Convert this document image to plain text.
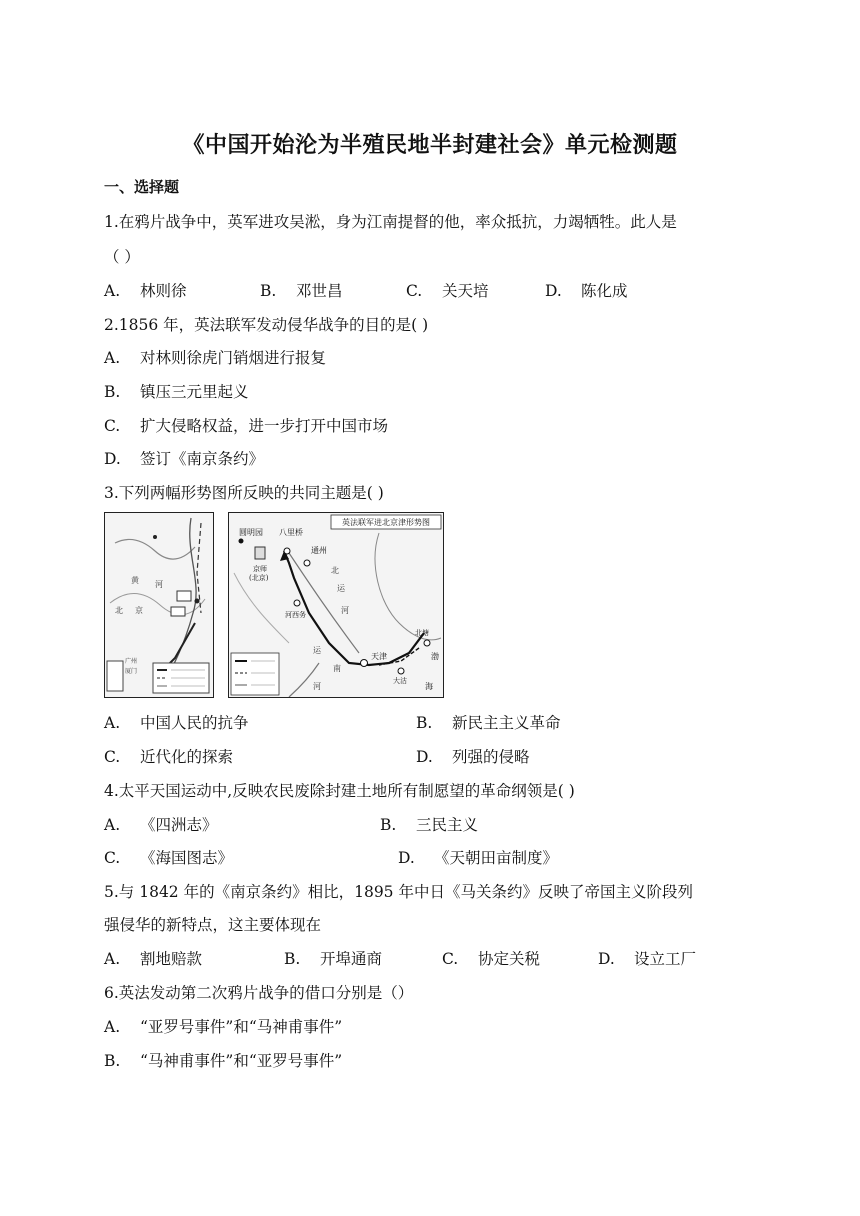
《中国开始沦为半殖民地半封建社会》单元检测题
一、选择题
1.在鸦片战争中，英军进攻吴淞，身为江南提督的他，率众抵抗，力竭牺牲。此人是
（ ）
A. 林则徐	B. 邓世昌	C. 关天培	D. 陈化成
2.1856 年，英法联军发动侵华战争的目的是( )
A. 对林则徐虎门销烟进行报复
B. 镇压三元里起义
C. 扩大侵略权益，进一步打开中国市场
D. 签订《南京条约》
3.下列两幅形势图所反映的共同主题是( )
黄 河
北 京
广州
厦门
英法联军进北京津形势图
圆明园 八里桥
通州
京师
(北京)
河西务
北
运
河
天津
北塘
大沽
南
运
河	海
渤
A. 中国人民的抗争	B. 新民主主义革命
C. 近代化的探索	D. 列强的侵略
4.太平天国运动中,反映农民废除封建土地所有制愿望的革命纲领是( )
A. 《四洲志》	B. 三民主义
C. 《海国图志》	D. 《天朝田亩制度》
5.与 1842 年的《南京条约》相比，1895 年中日《马关条约》反映了帝国主义阶段列
强侵华的新特点，这主要体现在
A. 割地赔款	B. 开埠通商	C. 协定关税	D. 设立工厂
6.英法发动第二次鸦片战争的借口分别是（）
A. “亚罗号事件”和“马神甫事件”
B. “马神甫事件”和“亚罗号事件”
